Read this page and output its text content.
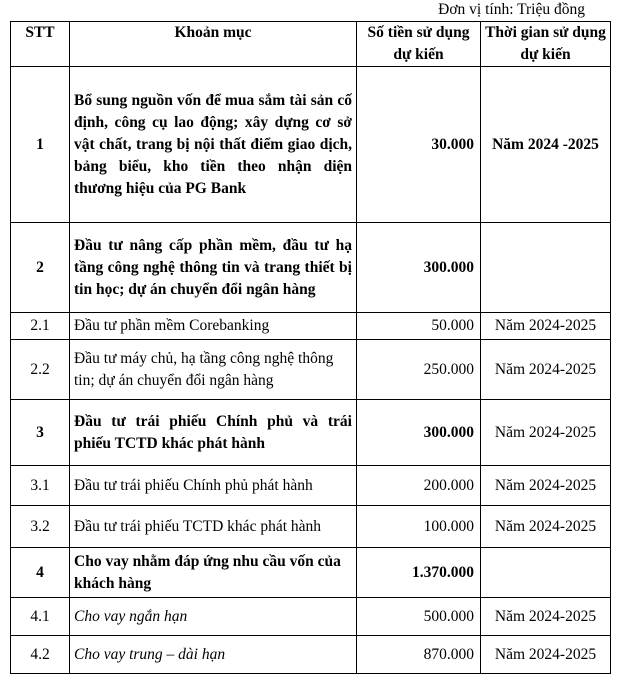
Đơn vị tính: Triệu đồng
STT	Khoản mục	Số tiền sử dụng dự kiến	Thời gian sử dụng dự kiến
1	Bổ sung nguồn vốn để mua sắm tài sản cố định, công cụ lao động; xây dựng cơ sở vật chất, trang bị nội thất điểm giao dịch, bảng biểu, kho tiền theo nhận diện thương hiệu của PG Bank	30.000	Năm 2024 -2025
2	Đầu tư nâng cấp phần mềm, đầu tư hạ tầng công nghệ thông tin và trang thiết bị tin học; dự án chuyển đổi ngân hàng	300.000	
2.1	Đầu tư phần mềm Corebanking	50.000	Năm 2024-2025
2.2	Đầu tư máy chủ, hạ tầng công nghệ thông tin; dự án chuyển đổi ngân hàng	250.000	Năm 2024-2025
3	Đầu tư trái phiếu Chính phủ và trái phiếu TCTD khác phát hành	300.000	Năm 2024-2025
3.1	Đầu tư trái phiếu Chính phủ phát hành	200.000	Năm 2024-2025
3.2	Đầu tư trái phiếu TCTD khác phát hành	100.000	Năm 2024-2025
4	Cho vay nhằm đáp ứng nhu cầu vốn của khách hàng	1.370.000	
4.1	Cho vay ngắn hạn	500.000	Năm 2024-2025
4.2	Cho vay trung – dài hạn	870.000	Năm 2024-2025
